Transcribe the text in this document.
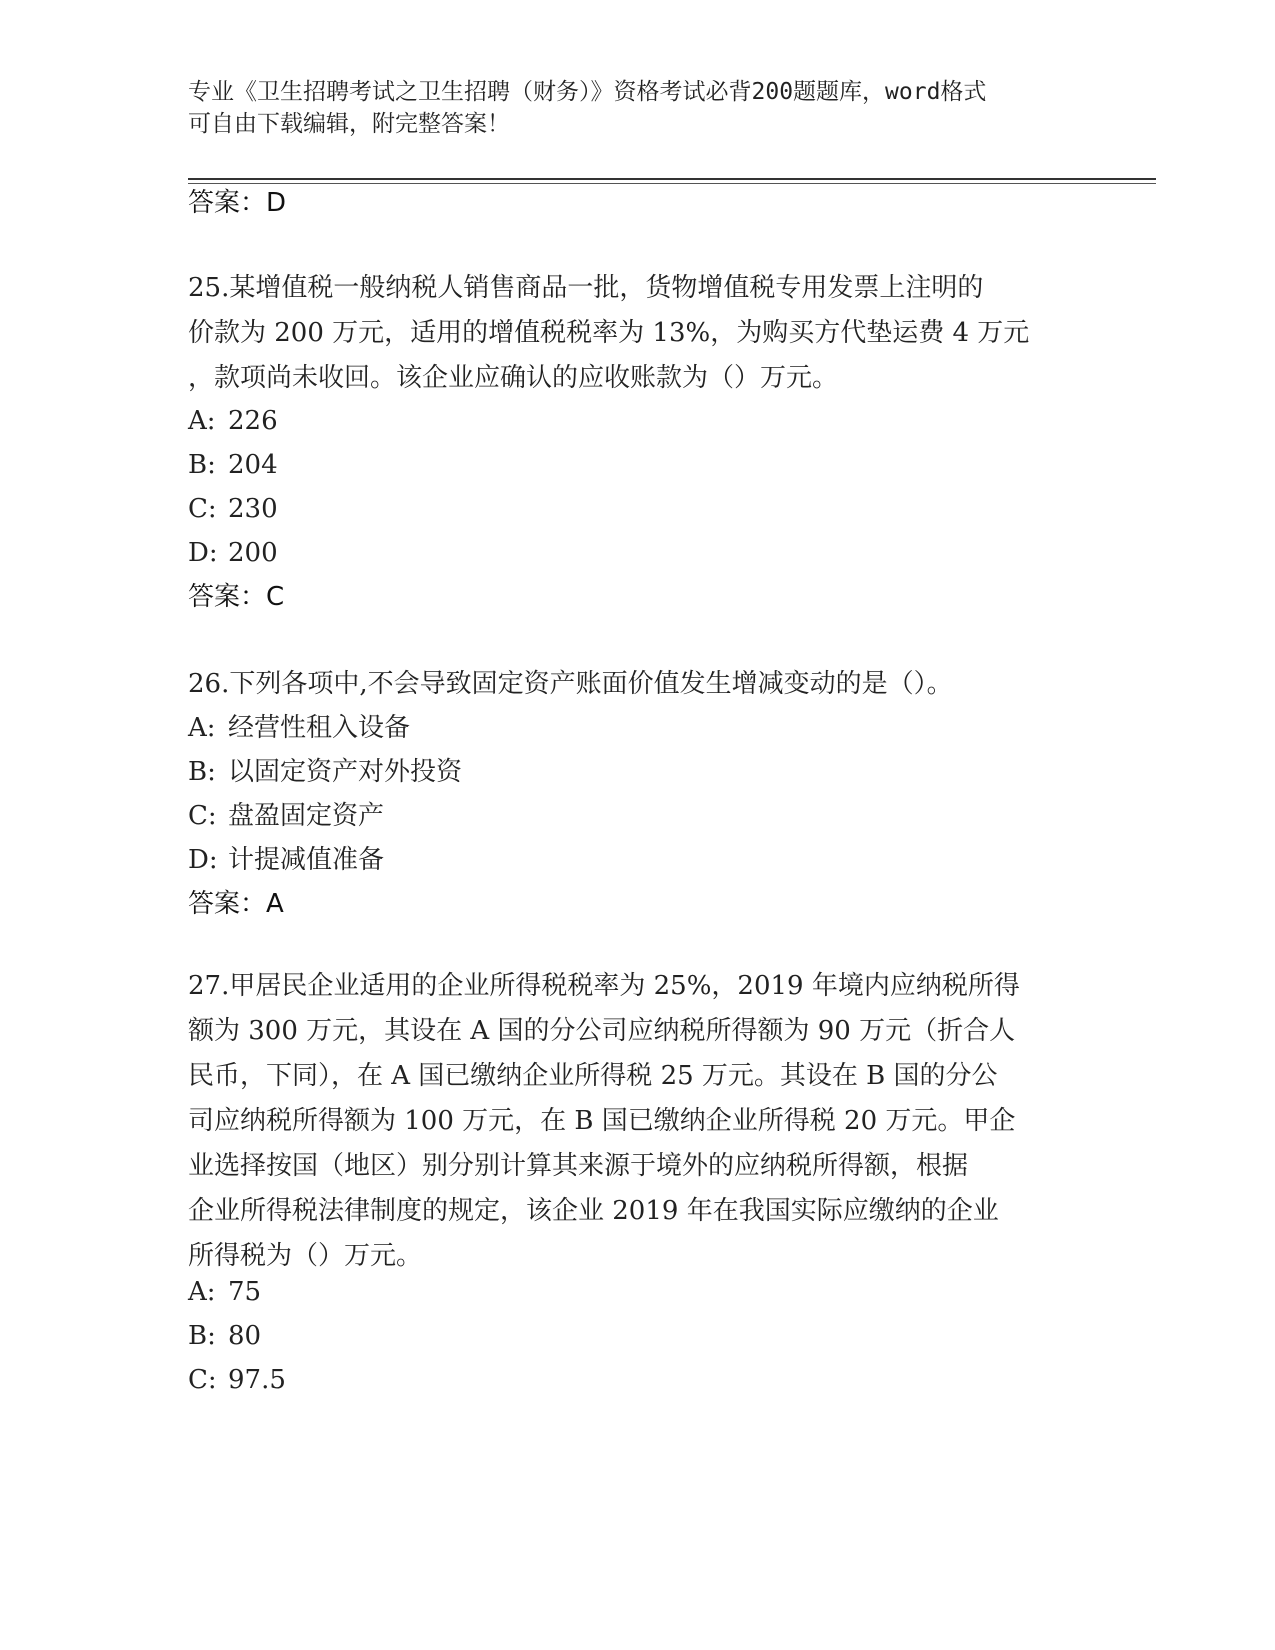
专业《卫生招聘考试之卫生招聘（财务）》资格考试必背200题题库，word格式
可自由下载编辑，附完整答案！
答案：D
25.某增值税一般纳税人销售商品一批，货物增值税专用发票上注明的
价款为 200 万元，适用的增值税税率为 13%，为购买方代垫运费 4 万元
，款项尚未收回。该企业应确认的应收账款为（）万元。
A: 226
B: 204
C: 230
D: 200
答案：C
26.下列各项中,不会导致固定资产账面价值发生增减变动的是（）。
A: 经营性租入设备
B: 以固定资产对外投资
C: 盘盈固定资产
D: 计提减值准备
答案：A
27.甲居民企业适用的企业所得税税率为 25%，2019 年境内应纳税所得
额为 300 万元，其设在 A 国的分公司应纳税所得额为 90 万元（折合人
民币，下同），在 A 国已缴纳企业所得税 25 万元。其设在 B 国的分公
司应纳税所得额为 100 万元，在 B 国已缴纳企业所得税 20 万元。甲企
业选择按国（地区）别分别计算其来源于境外的应纳税所得额，根据
企业所得税法律制度的规定，该企业 2019 年在我国实际应缴纳的企业
所得税为（）万元。
A: 75
B: 80
C: 97.5
